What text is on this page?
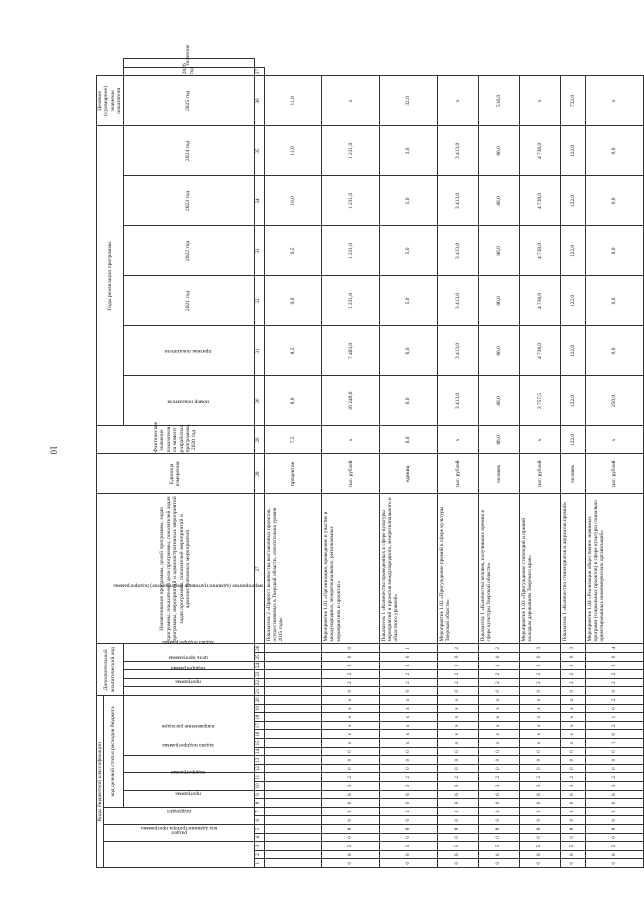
10
Коды бюджетной классификации																				Дополнительный аналитический код						Наименование программы, целей программы, задач программы, показателей цели программы, показателей задач программы, мероприятий и административных мероприятий задач программы, показателей мероприятий и административных мероприятий	Единица измерения	Фактическое значение показателя на момент разработки программы, 2020 год	Годы реализации программы						Целевое (суммарное) значение показателя		
код администратора программы			раздел		подраздел		код целевой статьи расходов бюджета																														
							программа		подпрограмма		задача подпрограммы		направление расходов							программа	подпрограмма	цель программы	задача подпрограммы	мероприятие (административное мероприятие) подпрограммы					номер показателя	признак показателя	2021 год	2022 год	2023 год	2024 год	2025 год	2026 год	значение
1	2	3	4	5	6	7	8	9	10	11	12	13	14	15	16	17	18	19	20	21	22	23	24	25	26	27	28	29	30	31	32	33	34	35	36	37	
																										Показатель 2 «Прирост количества выставочных проектов, осуществляемых в Тверской области, относительно уровня 2015 года»	процентов	7,5	8,0	8,5	9,0	9,5	10,0	11,0	11,0		
0	6	5	0	8	0	1	0	6	3	2	0	0	0	x	x	x	x	x	x	0	2	2	1	0	0	Мероприятие 1.01 «Организация, проведение и участие в международных, межрегиональных, региональных мероприятиях и проектах»	тыс. рублей	x	16 249,6	7 403,0	1 231,0	1 231,0	1 231,0	1 231,0	x		
0	6	5	0	8	0	1	0	6	3	2	0	0	0	x	x	x	x	x	x	0	2	2	1	0	1	Показатель 1 «Количество проведенных в сфере культуры мероприятий и проектов международного, межрегионального и областного уровней»	единиц	6,0	6,0	6,0	5,0	5,0	5,0	3,0	32,0		
0	6	5	0	8	0	1	0	6	3	2	0	0	0	x	x	x	x	x	x	0	2	2	1	0	2	Мероприятие 1.02 «Присуждение премий в сфере культуры Тверской области»	тыс. рублей	x	3 413,0	3 413,0	3 413,0	3 413,0	3 413,0	3 413,0	x		
0	6	5	0	8	0	1	0	6	3	2	0	0	0	x	x	x	x	x	x	0	2	2	1	0	2	Показатель 1 «Количество человек, получивших премии в сфере культуры Тверской области»	человек	86,0	86,0	86,0	86,0	86,0	86,0	86,0	516,0		
0	6	5	0	8	0	1	0	6	3	2	0	0	0	x	x	x	x	x	x	0	2	2	1	0	3	Мероприятие 1.03 «Присуждение стипендий и премий молодым дарованиям Тверского края»	тыс. рублей	x	2 757,5	4 738,0	4 738,0	4 738,0	4 738,0	4 738,0	x		
0	6	5	0	8	0	1	0	6	3	2	0	0	0	x	x	x	x	x	x	0	2	2	1	0	3	Показатель 1 «Количество стипендиатов и лауреатов премий»	человек	122,0	122,0	122,0	122,0	122,0	122,0	122,0	732,0		
0	6	5	0	8	0	1	0	6	3	2	0	0	0	1	0	2	1	0	2	0	2	2	1	0	4	Мероприятие 1.04 «Реализация общественно значимых программ (социальных проектов) в сфере культуры социально ориентированных некоммерческих организаций»	тыс. рублей	x	250,0	0,0	0,0	0,0	0,0	0,0	x		
